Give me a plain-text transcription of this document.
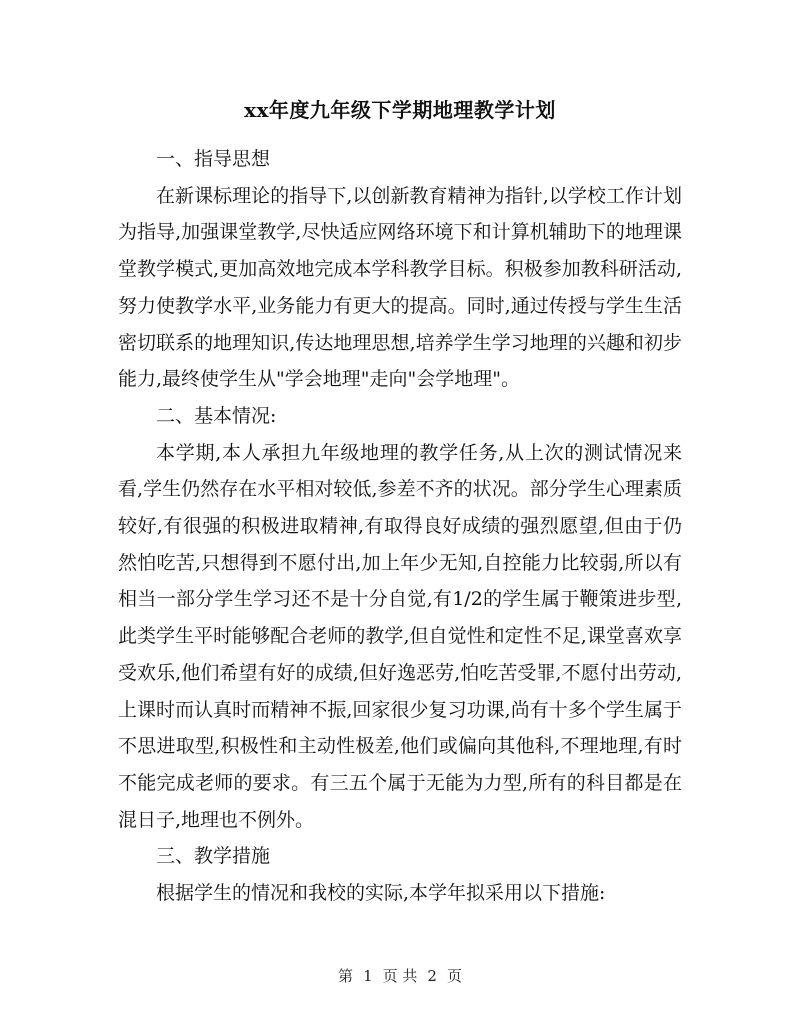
xx年度九年级下学期地理教学计划

一、指导思想

在新课标理论的指导下,以创新教育精神为指针,以学校工作计划为指导,加强课堂教学,尽快适应网络环境下和计算机辅助下的地理课堂教学模式,更加高效地完成本学科教学目标。积极参加教科研活动,努力使教学水平,业务能力有更大的提高。同时,通过传授与学生生活密切联系的地理知识,传达地理思想,培养学生学习地理的兴趣和初步能力,最终使学生从"学会地理"走向"会学地理"。

二、基本情况:

本学期,本人承担九年级地理的教学任务,从上次的测试情况来看,学生仍然存在水平相对较低,参差不齐的状况。部分学生心理素质较好,有很强的积极进取精神,有取得良好成绩的强烈愿望,但由于仍然怕吃苦,只想得到不愿付出,加上年少无知,自控能力比较弱,所以有相当一部分学生学习还不是十分自觉,有1/2的学生属于鞭策进步型,此类学生平时能够配合老师的教学,但自觉性和定性不足,课堂喜欢享受欢乐,他们希望有好的成绩,但好逸恶劳,怕吃苦受罪,不愿付出劳动,上课时而认真时而精神不振,回家很少复习功课,尚有十多个学生属于不思进取型,积极性和主动性极差,他们或偏向其他科,不理地理,有时不能完成老师的要求。有三五个属于无能为力型,所有的科目都是在混日子,地理也不例外。

三、教学措施

根据学生的情况和我校的实际,本学年拟采用以下措施:

第 1 页 共 2 页
